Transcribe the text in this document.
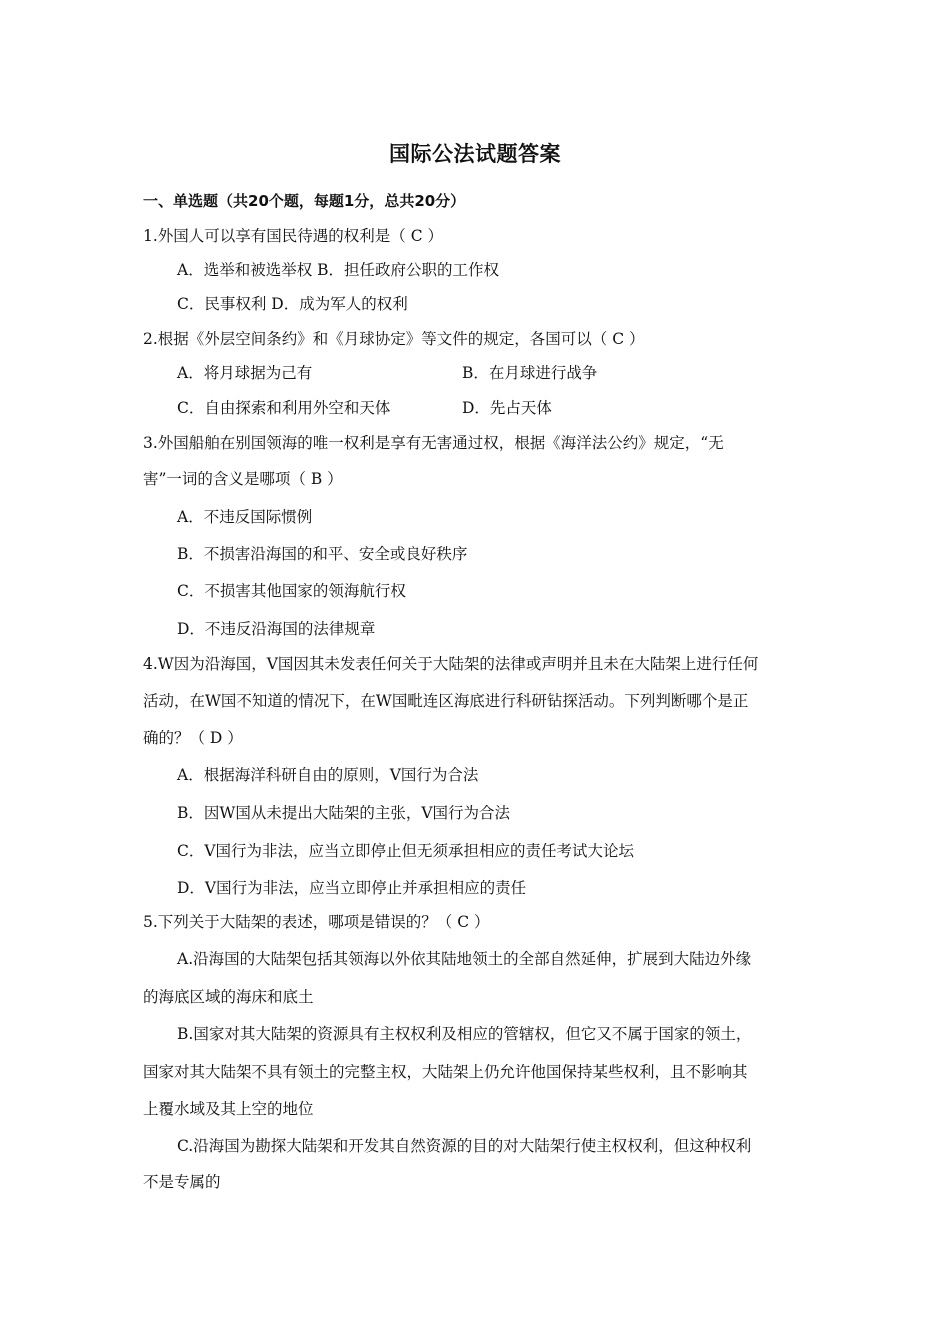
国际公法试题答案
一、单选题（共20个题，每题1分，总共20分）
1.外国人可以享有国民待遇的权利是（ C ）
A．选举和被选举权 B．担任政府公职的工作权
C．民事权利 D．成为军人的权利
2.根据《外层空间条约》和《月球协定》等文件的规定，各国可以（ C ）
A．将月球据为己有	B．在月球进行战争
C．自由探索和利用外空和天体	D．先占天体
3.外国船舶在别国领海的唯一权利是享有无害通过权，根据《海洋法公约》规定，“无
害”一词的含义是哪项（ B ）
A．不违反国际惯例
B．不损害沿海国的和平、安全或良好秩序
C．不损害其他国家的领海航行权
D．不违反沿海国的法律规章
4.W因为沿海国，V国因其未发表任何关于大陆架的法律或声明并且未在大陆架上进行任何
活动，在W国不知道的情况下，在W国毗连区海底进行科研钻探活动。下列判断哪个是正
确的？（ D ）
A．根据海洋科研自由的原则，V国行为合法
B．因W国从未提出大陆架的主张，V国行为合法
C．V国行为非法，应当立即停止但无须承担相应的责任考试大论坛
D．V国行为非法，应当立即停止并承担相应的责任
5.下列关于大陆架的表述，哪项是错误的？（ C ）
A.沿海国的大陆架包括其领海以外依其陆地领土的全部自然延伸，扩展到大陆边外缘
的海底区域的海床和底土
B.国家对其大陆架的资源具有主权权利及相应的管辖权，但它又不属于国家的领土，
国家对其大陆架不具有领土的完整主权，大陆架上仍允许他国保持某些权利，且不影响其
上覆水域及其上空的地位
C.沿海国为勘探大陆架和开发其自然资源的目的对大陆架行使主权权利，但这种权利
不是专属的
